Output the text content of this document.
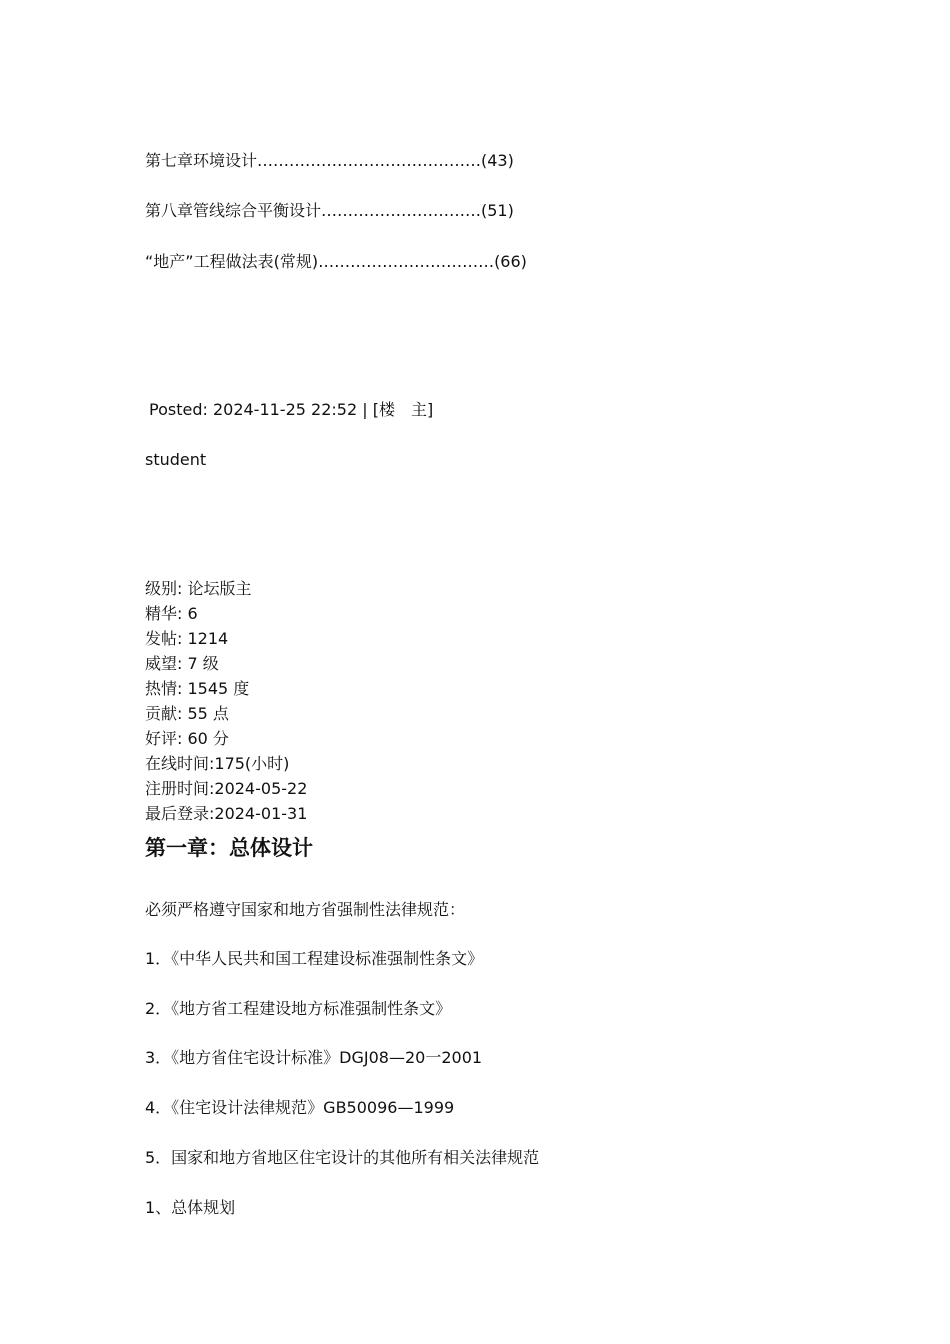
第七章环境设计……………………………………(43)
第八章管线综合平衡设计…………………………(51)
“地产”工程做法表(常规)……………………………(66)
Posted: 2024-11-25 22:52 | [楼　主]
student
级别: 论坛版主
精华: 6
发帖: 1214
威望: 7 级
热情: 1545 度
贡献: 55 点
好评: 60 分
在线时间:175(小时)
注册时间:2024-05-22
最后登录:2024-01-31
第一章：总体设计
必须严格遵守国家和地方省强制性法律规范：
1．《中华人民共和国工程建设标准强制性条文》
2．《地方省工程建设地方标准强制性条文》
3．《地方省住宅设计标准》DGJ08—20一2001
4．《住宅设计法律规范》GB50096—1999
5．国家和地方省地区住宅设计的其他所有相关法律规范
1、总体规划
